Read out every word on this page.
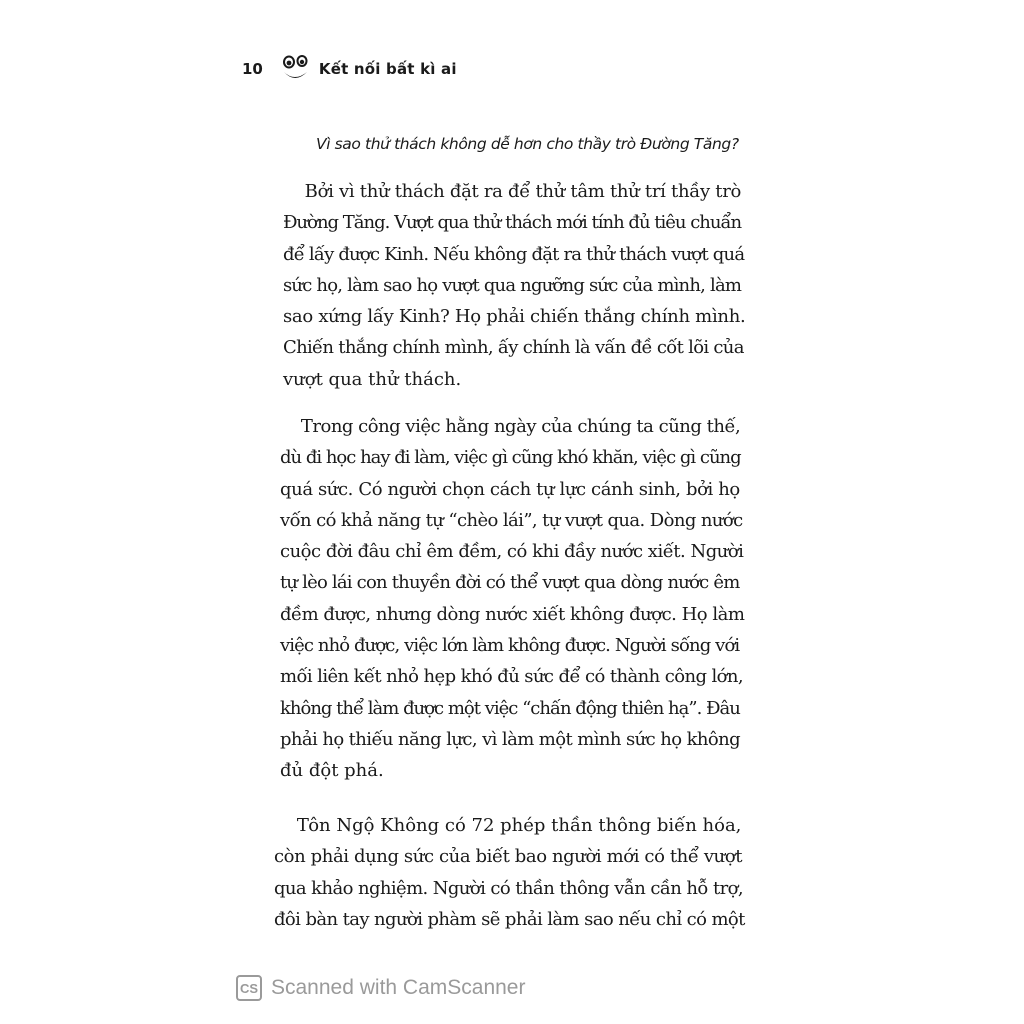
10	Kết nối bất kì ai
Vì sao thử thách không dễ hơn cho thầy trò Đường Tăng?

Bởi vì thử thách đặt ra để thử tâm thử trí thầy trò
Đường Tăng. Vượt qua thử thách mới tính đủ tiêu chuẩn
để lấy được Kinh. Nếu không đặt ra thử thách vượt quá
sức họ, làm sao họ vượt qua ngưỡng sức của mình, làm
sao xứng lấy Kinh? Họ phải chiến thắng chính mình.
Chiến thắng chính mình, ấy chính là vấn đề cốt lõi của
vượt qua thử thách.

Trong công việc hằng ngày của chúng ta cũng thế,
dù đi học hay đi làm, việc gì cũng khó khăn, việc gì cũng
quá sức. Có người chọn cách tự lực cánh sinh, bởi họ
vốn có khả năng tự “chèo lái”, tự vượt qua. Dòng nước
cuộc đời đâu chỉ êm đềm, có khi đầy nước xiết. Người
tự lèo lái con thuyền đời có thể vượt qua dòng nước êm
đềm được, nhưng dòng nước xiết không được. Họ làm
việc nhỏ được, việc lớn làm không được. Người sống với
mối liên kết nhỏ hẹp khó đủ sức để có thành công lớn,
không thể làm được một việc “chấn động thiên hạ”. Đâu
phải họ thiếu năng lực, vì làm một mình sức họ không
đủ đột phá.

Tôn Ngộ Không có 72 phép thần thông biến hóa,
còn phải dụng sức của biết bao người mới có thể vượt
qua khảo nghiệm. Người có thần thông vẫn cần hỗ trợ,
đôi bàn tay người phàm sẽ phải làm sao nếu chỉ có một

CS Scanned with CamScanner
